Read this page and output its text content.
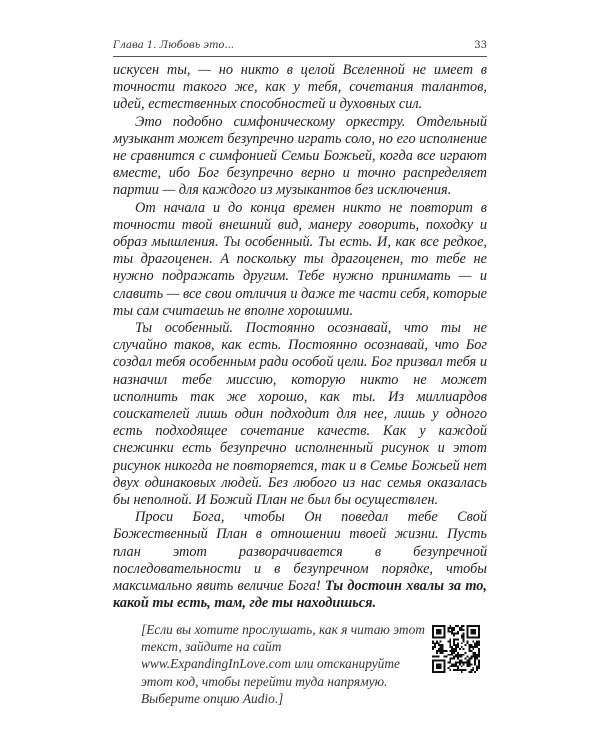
Глава 1. Любовь это...	33

искусен ты, — но никто в целой Вселенной не имеет в точности такого же, как у тебя, сочетания талантов, идей, естественных способностей и духовных сил.

Это подобно симфоническому оркестру. Отдельный музыкант может безупречно играть соло, но его исполнение не сравнится с симфонией Семьи Божьей, когда все играют вместе, ибо Бог безупречно верно и точно распределяет партии — для каждого из музыкантов без исключения.

От начала и до конца времен никто не повторит в точности твой внешний вид, манеру говорить, походку и образ мышления. Ты особенный. Ты есть. И, как все редкое, ты драгоценен. А поскольку ты драгоценен, то тебе не нужно подражать другим. Тебе нужно принимать — и славить — все свои отличия и даже те части себя, которые ты сам считаешь не вполне хорошими.

Ты особенный. Постоянно осознавай, что ты не случайно таков, как есть. Постоянно осознавай, что Бог создал тебя особенным ради особой цели. Бог призвал тебя и назначил тебе миссию, которую никто не может исполнить так же хорошо, как ты. Из миллиардов соискателей лишь один подходит для нее, лишь у одного есть подходящее сочетание качеств. Как у каждой снежинки есть безупречно исполненный рисунок и этот рисунок никогда не повторяется, так и в Семье Божьей нет двух одинаковых людей. Без любого из нас семья оказалась бы неполной. И Божий План не был бы осуществлен.

Проси Бога, чтобы Он поведал тебе Свой Божественный План в отношении твоей жизни. Пусть план этот разворачивается в безупречной последовательности и в безупречном порядке, чтобы максимально явить величие Бога! Ты достоин хвалы за то, какой ты есть, там, где ты находишься.

[Если вы хотите прослушать, как я читаю этот текст, зайдите на сайт www.ExpandingInLove.com или отсканируйте этот код, чтобы перейти туда напрямую. Выберите опцию Audio.]
